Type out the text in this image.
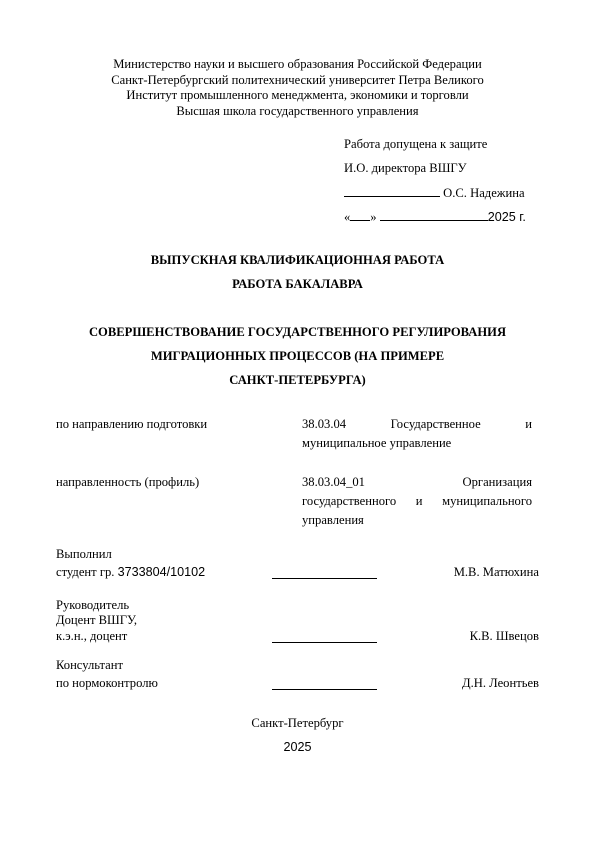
Министерство науки и высшего образования Российской Федерации
Санкт-Петербургский политехнический университет Петра Великого
Институт промышленного менеджмента, экономики и торговли
Высшая школа государственного управления
Работа допущена к защите
И.О. директора ВШГУ
О.С. Надежина
« »	2025 г.
ВЫПУСКНАЯ КВАЛИФИКАЦИОННАЯ РАБОТА
РАБОТА БАКАЛАВРА
СОВЕРШЕНСТВОВАНИЕ ГОСУДАРСТВЕННОГО РЕГУЛИРОВАНИЯ
МИГРАЦИОННЫХ ПРОЦЕССОВ (НА ПРИМЕРЕ
САНКТ-ПЕТЕРБУРГА)
по направлению подготовки	38.03.04 Государственное и
муниципальное управление
направленность (профиль)	38.03.04_01 Организация
государственного и муниципального
управления
Выполнил
студент гр. 3733804/10102	М.В. Матюхина
Руководитель
Доцент ВШГУ,
к.э.н., доцент	К.В. Швецов
Консультант
по нормоконтролю	Д.Н. Леонтьев
Санкт-Петербург
2025
